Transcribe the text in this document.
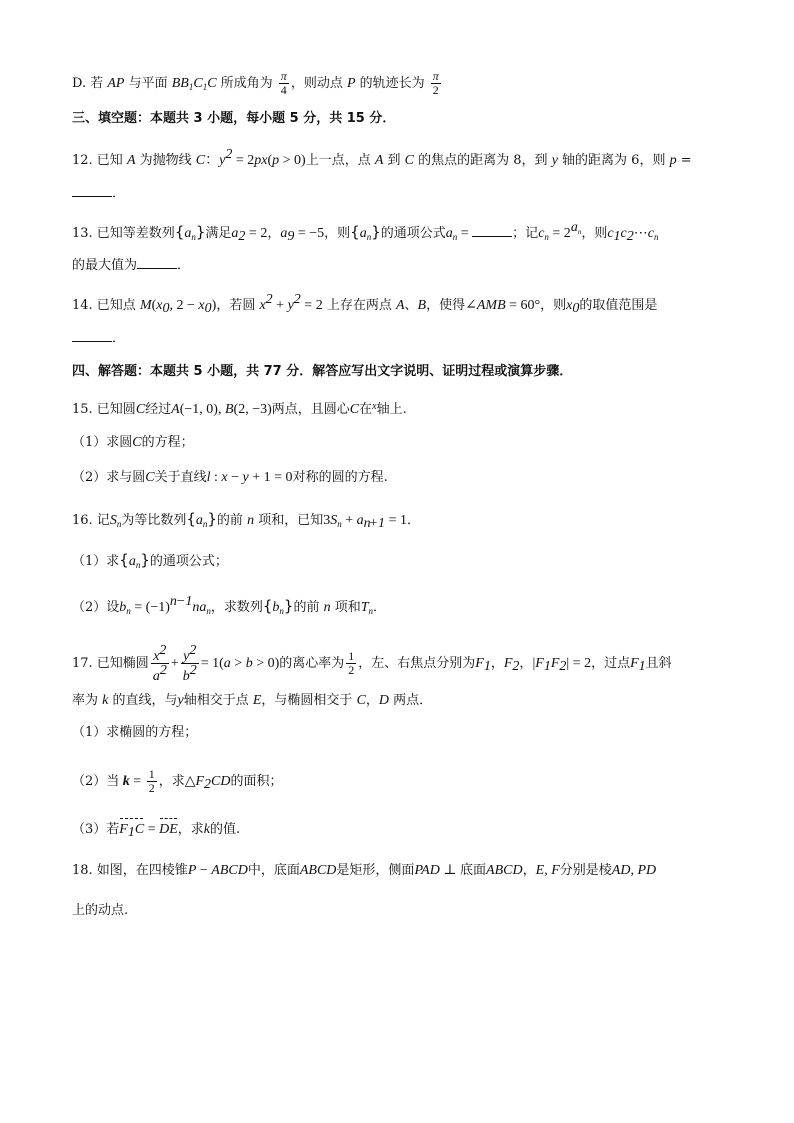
D. 若 AP 与平面 $BB_1C_1C$ 所成角为 $\frac{\pi}{4}$ ，则动点 P 的轨迹长为 $\frac{\pi}{2}$
三、填空题：本题共 3 小题，每小题 5 分，共 15 分．
12. 已知 A 为抛物线 C：$y^2 = 2px(p > 0)$上一点，点 A 到 C 的焦点的距离为 8，到 y 轴的距离为 6，则 p =
．
13. 已知等差数列$\{a_n\}$满足$a_2 = 2$，$a_9 = -5$，则$\{a_n\}$的通项公式$a_n$ =	；记$c_n = 2^{a_n}$，则$c_1c_2\cdots c_n$
的最大值为	．
14. 已知点 $M(x_0$, $2 - x_0$)，若圆 $x^2 + y^2 = 2$ 上存在两点 A、B，使得∠AMB = 60°，则$x_0$的取值范围是
．
四、解答题：本题共 5 小题，共 77 分．解答应写出文字说明、证明过程或演算步骤．
15. 已知圆C经过A(−1, 0), B(2, −3)两点，且圆心C在$^x$轴上.
（1）求圆C的方程；
（2）求与圆C关于直线l : x − y + 1 = 0对称的圆的方程.
16. 记$S_n$为等比数列$\{a_n\}$的前 n 项和，已知$3S_n + a_{n+1} = 1$．
（1）求$\{a_n\}$的通项公式；
（2）设$b_n = (-1)^{n-1}na_n$，求数列$\{b_n\}$的前 n 项和$T_n$．
17. 已知椭圆 $\frac{x^2}{a^2} + \frac{y^2}{b^2} = 1(a > b > 0)$的离心率为 $\frac{1}{2}$ ，左、右焦点分别为$F_1$，$F_2$，$|F_1F_2| = 2$，过点$F_1$且斜
率为 k 的直线，与y轴相交于点 E，与椭圆相交于 C，D 两点．
（1）求椭圆的方程；
（2）当 $k = \frac{1}{2}$ ，求$\triangle F_2CD$的面积；
（3）若$F_1C$ = DE，求k的值.
18. 如图，在四棱锥P − ABCD中，底面ABCD是矩形，侧面PAD ⊥ 底面ABCD，E, F分别是棱AD, PD
上的动点.
